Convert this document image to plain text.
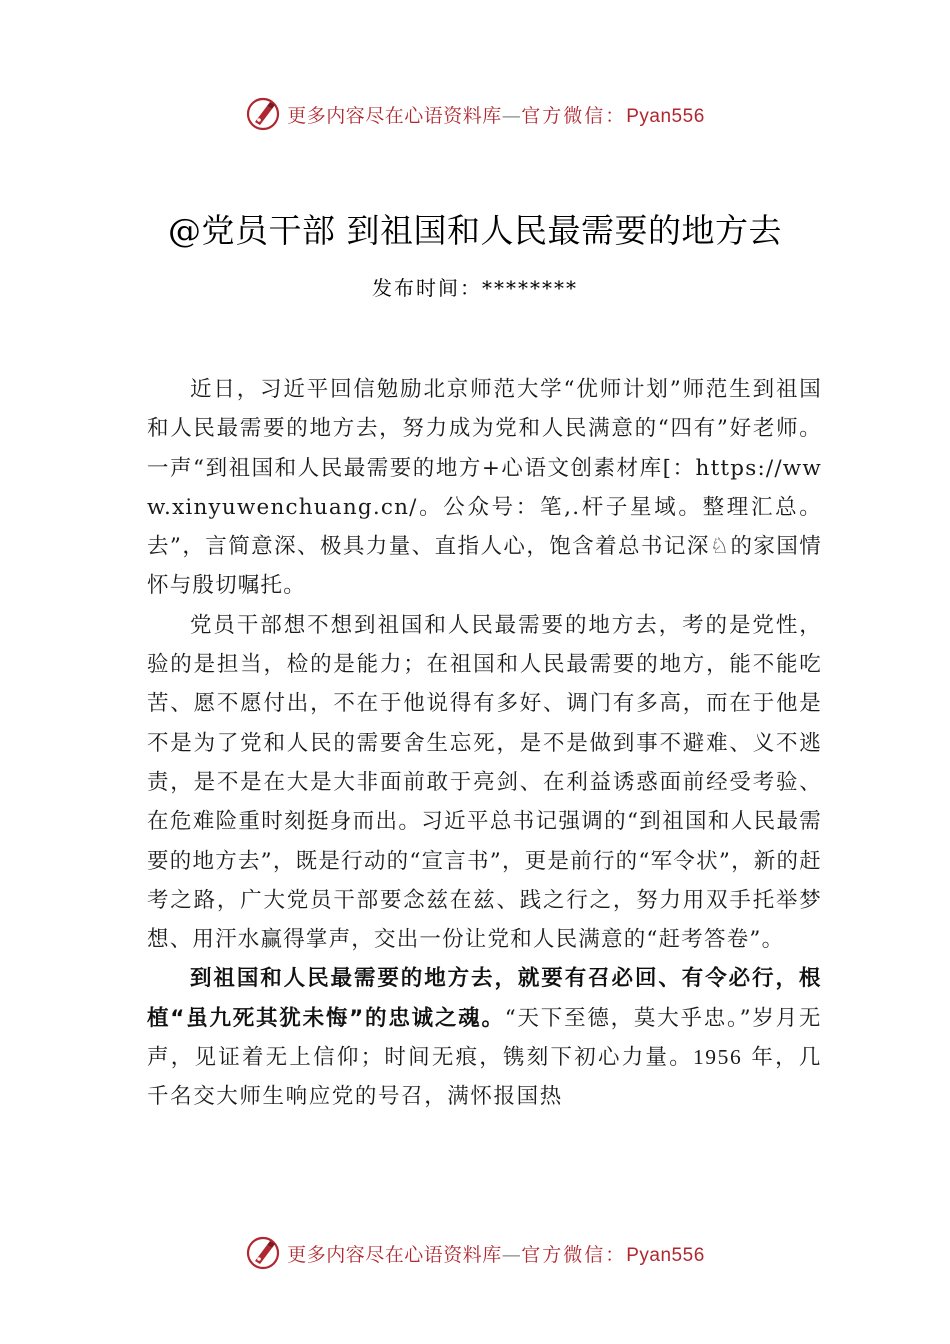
更多内容尽在心语资料库—官方微信：Pyan556
@党员干部 到祖国和人民最需要的地方去
发布时间：********

近日，习近平回信勉励北京师范大学“优师计划”师范生到祖国和人民最需要的地方去，努力成为党和人民满意的“四有”好老师。一声“到祖国和人民最需要的地方+心语文创素材库[：https://www.xinyuwenchuang.cn/。公众号：笔,.杆子星域。整理汇总。去”，言简意深、极具力量、直指人心，饱含着总书记深♘的家国情怀与殷切嘱托。

党员干部想不想到祖国和人民最需要的地方去，考的是党性，验的是担当，检的是能力；在祖国和人民最需要的地方，能不能吃苦、愿不愿付出，不在于他说得有多好、调门有多高，而在于他是不是为了党和人民的需要舍生忘死，是不是做到事不避难、义不逃责，是不是在大是大非面前敢于亮剑、在利益诱惑面前经受考验、在危难险重时刻挺身而出。习近平总书记强调的“到祖国和人民最需要的地方去”，既是行动的“宣言书”，更是前行的“军令状”，新的赶考之路，广大党员干部要念兹在兹、践之行之，努力用双手托举梦想、用汗水赢得掌声，交出一份让党和人民满意的“赶考答卷”。

到祖国和人民最需要的地方去，就要有召必回、有令必行，根植“虽九死其犹未悔”的忠诚之魂。“天下至德，莫大乎忠。”岁月无声，见证着无上信仰；时间无痕，镌刻下初心力量。1956 年，几千名交大师生响应党的号召，满怀报国热

更多内容尽在心语资料库—官方微信：Pyan556
